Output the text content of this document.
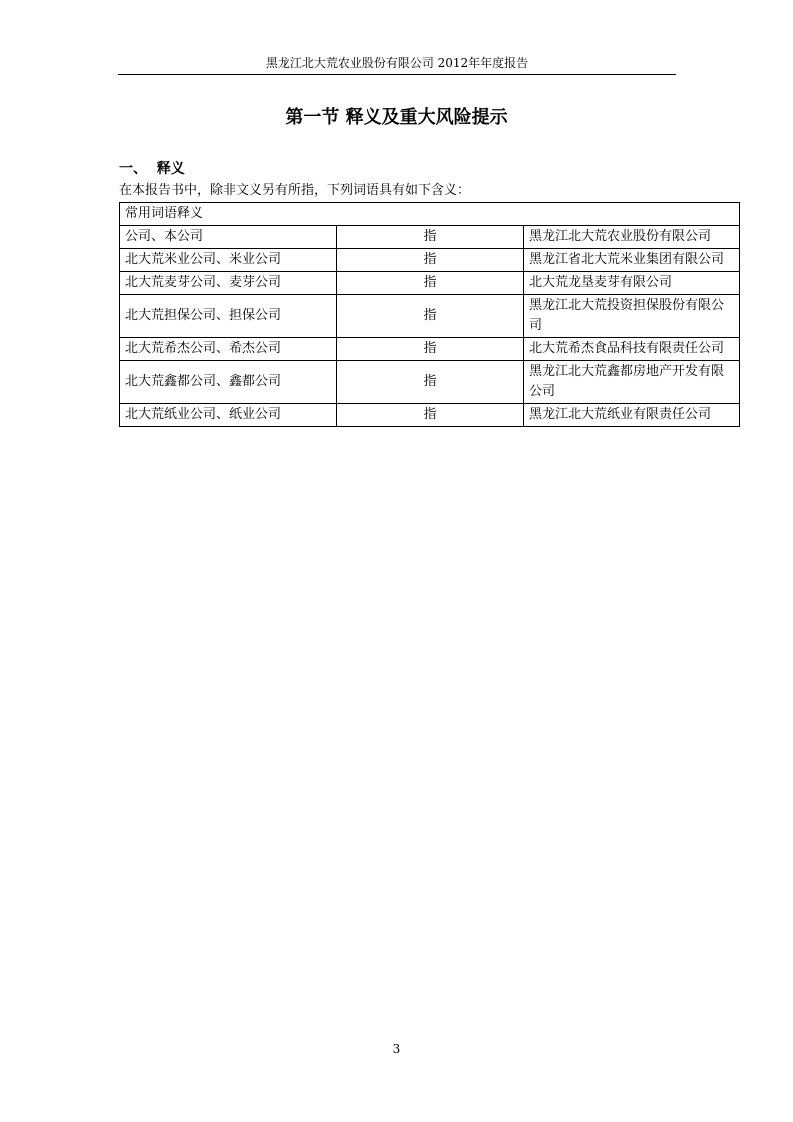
黑龙江北大荒农业股份有限公司 2012年年度报告
第一节 释义及重大风险提示
一、  释义
在本报告书中，除非文义另有所指，下列词语具有如下含义：
常用词语释义		
公司、本公司	指	黑龙江北大荒农业股份有限公司
北大荒米业公司、米业公司	指	黑龙江省北大荒米业集团有限公司
北大荒麦芽公司、麦芽公司	指	北大荒龙垦麦芽有限公司
北大荒担保公司、担保公司	指	黑龙江北大荒投资担保股份有限公司
北大荒希杰公司、希杰公司	指	北大荒希杰食品科技有限责任公司
北大荒鑫都公司、鑫都公司	指	黑龙江北大荒鑫都房地产开发有限公司
北大荒纸业公司、纸业公司	指	黑龙江北大荒纸业有限责任公司
3
